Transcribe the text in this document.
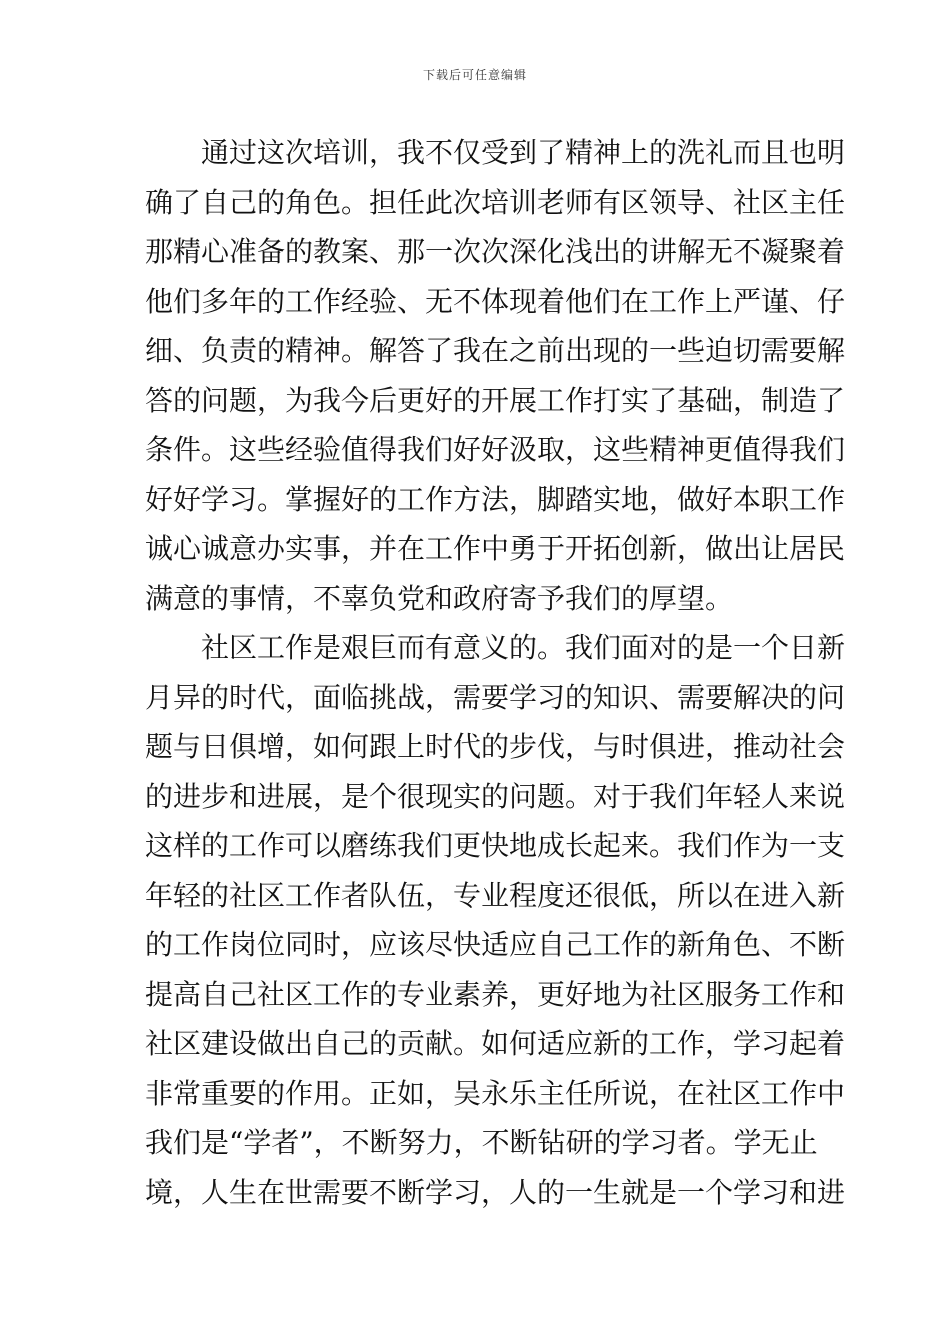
下载后可任意编辑
　　通过这次培训，我不仅受到了精神上的洗礼而且也明
确了自己的角色。担任此次培训老师有区领导、社区主任
那精心准备的教案、那一次次深化浅出的讲解无不凝聚着
他们多年的工作经验、无不体现着他们在工作上严谨、仔
细、负责的精神。解答了我在之前出现的一些迫切需要解
答的问题，为我今后更好的开展工作打实了基础，制造了
条件。这些经验值得我们好好汲取，这些精神更值得我们
好好学习。掌握好的工作方法，脚踏实地，做好本职工作
诚心诚意办实事，并在工作中勇于开拓创新，做出让居民
满意的事情，不辜负党和政府寄予我们的厚望。
　　社区工作是艰巨而有意义的。我们面对的是一个日新
月异的时代，面临挑战，需要学习的知识、需要解决的问
题与日俱增，如何跟上时代的步伐，与时俱进，推动社会
的进步和进展，是个很现实的问题。对于我们年轻人来说
这样的工作可以磨练我们更快地成长起来。我们作为一支
年轻的社区工作者队伍，专业程度还很低，所以在进入新
的工作岗位同时，应该尽快适应自己工作的新角色、不断
提高自己社区工作的专业素养，更好地为社区服务工作和
社区建设做出自己的贡献。如何适应新的工作，学习起着
非常重要的作用。正如，吴永乐主任所说，在社区工作中
我们是“学者”，不断努力，不断钻研的学习者。学无止
境，人生在世需要不断学习，人的一生就是一个学习和进
